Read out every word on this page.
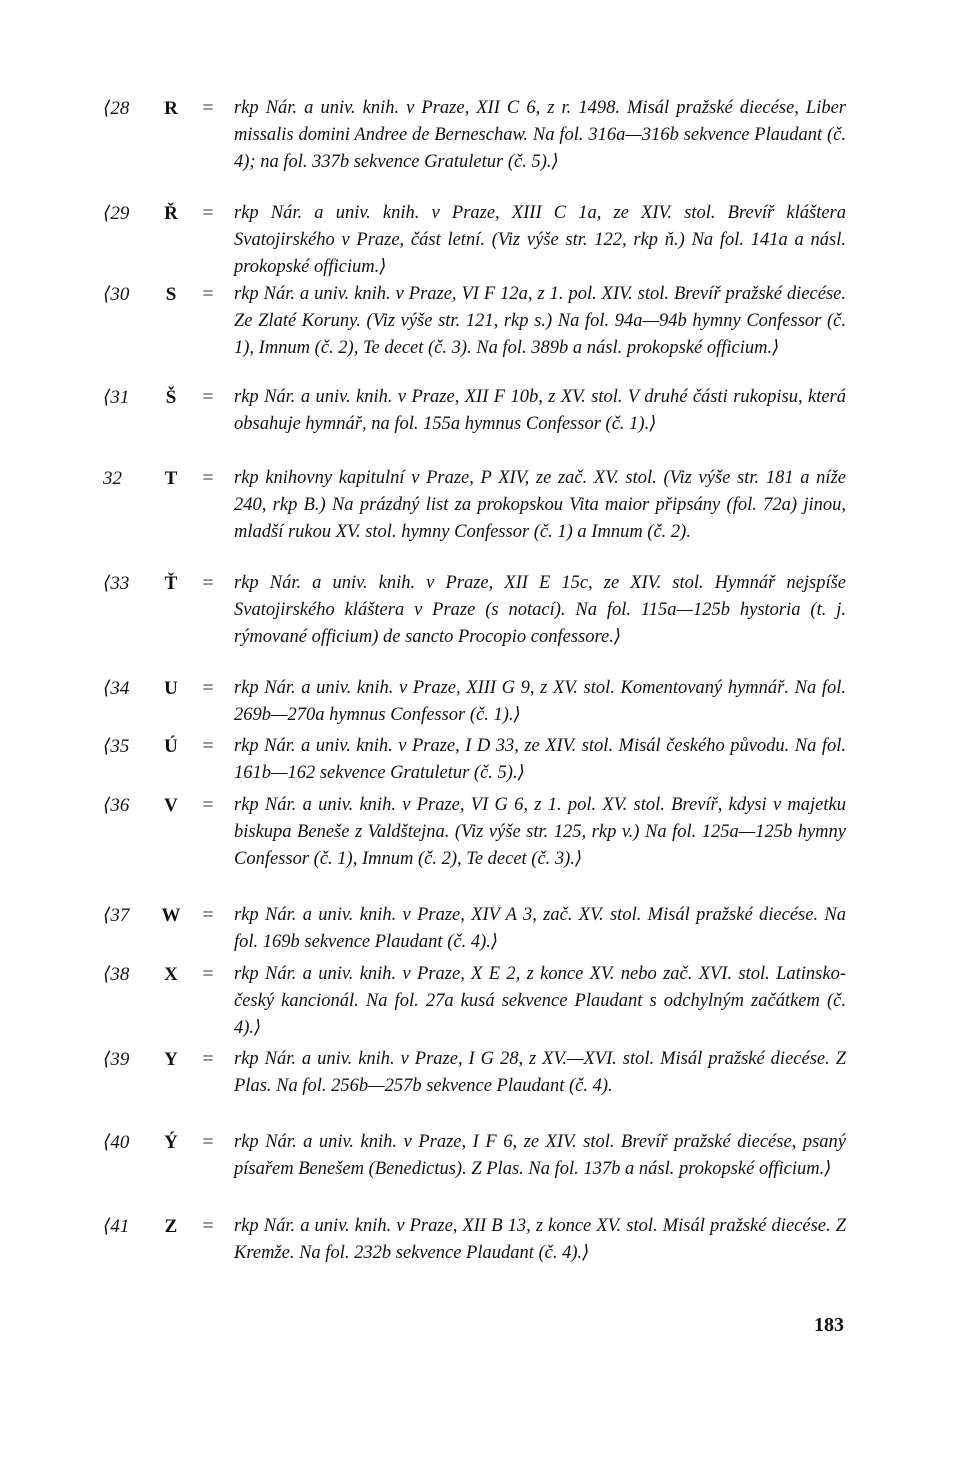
⟨28	R	=	rkp Nár. a univ. knih. v Praze, XII C 6, z r. 1498. Misál pražské diecése, Liber missalis domini Andree de Berneschaw. Na fol. 316a—316b sekvence Plaudant (č. 4); na fol. 337b sekvence Gratuletur (č. 5).⟩
⟨29	Ř	=	rkp Nár. a univ. knih. v Praze, XIII C 1a, ze XIV. stol. Brevíř kláštera Svatojirského v Praze, část letní. (Viz výše str. 122, rkp ň.) Na fol. 141a a násl. prokopské officium.⟩
⟨30	S	=	rkp Nár. a univ. knih. v Praze, VI F 12a, z 1. pol. XIV. stol. Brevíř pražské diecése. Ze Zlaté Koruny. (Viz výše str. 121, rkp s.) Na fol. 94a—94b hymny Confessor (č. 1), Imnum (č. 2), Te decet (č. 3). Na fol. 389b a násl. prokopské officium.⟩
⟨31	Š	=	rkp Nár. a univ. knih. v Praze, XII F 10b, z XV. stol. V druhé části rukopisu, která obsahuje hymnář, na fol. 155a hymnus Confessor (č. 1).⟩
32	T	=	rkp knihovny kapitulní v Praze, P XIV, ze zač. XV. stol. (Viz výše str. 181 a níže 240, rkp B.) Na prázdný list za prokopskou Vita maior připsány (fol. 72a) jinou, mladší rukou XV. stol. hymny Confessor (č. 1) a Imnum (č. 2).
⟨33	Ť	=	rkp Nár. a univ. knih. v Praze, XII E 15c, ze XIV. stol. Hymnář nejspíše Svatojirského kláštera v Praze (s notací). Na fol. 115a—125b hystoria (t. j. rýmované officium) de sancto Procopio confessore.⟩
⟨34	U	=	rkp Nár. a univ. knih. v Praze, XIII G 9, z XV. stol. Komentovaný hymnář. Na fol. 269b—270a hymnus Confessor (č. 1).⟩
⟨35	Ú	=	rkp Nár. a univ. knih. v Praze, I D 33, ze XIV. stol. Misál českého původu. Na fol. 161b—162 sekvence Gratuletur (č. 5).⟩
⟨36	V	=	rkp Nár. a univ. knih. v Praze, VI G 6, z 1. pol. XV. stol. Brevíř, kdysi v majetku biskupa Beneše z Valdštejna. (Viz výše str. 125, rkp v.) Na fol. 125a—125b hymny Confessor (č. 1), Imnum (č. 2), Te decet (č. 3).⟩
⟨37	W	=	rkp Nár. a univ. knih. v Praze, XIV A 3, zač. XV. stol. Misál pražské diecése. Na fol. 169b sekvence Plaudant (č. 4).⟩
⟨38	X	=	rkp Nár. a univ. knih. v Praze, X E 2, z konce XV. nebo zač. XVI. stol. Latinsko-český kancionál. Na fol. 27a kusá sekvence Plaudant s odchylným začátkem (č. 4).⟩
⟨39	Y	=	rkp Nár. a univ. knih. v Praze, I G 28, z XV.—XVI. stol. Misál pražské diecése. Z Plas. Na fol. 256b—257b sekvence Plaudant (č. 4).
⟨40	Ý	=	rkp Nár. a univ. knih. v Praze, I F 6, ze XIV. stol. Brevíř pražské diecése, psaný písařem Benešem (Benedictus). Z Plas. Na fol. 137b a násl. prokopské officium.⟩
⟨41	Z	=	rkp Nár. a univ. knih. v Praze, XII B 13, z konce XV. stol. Misál pražské diecése. Z Kremže. Na fol. 232b sekvence Plaudant (č. 4).⟩
183
